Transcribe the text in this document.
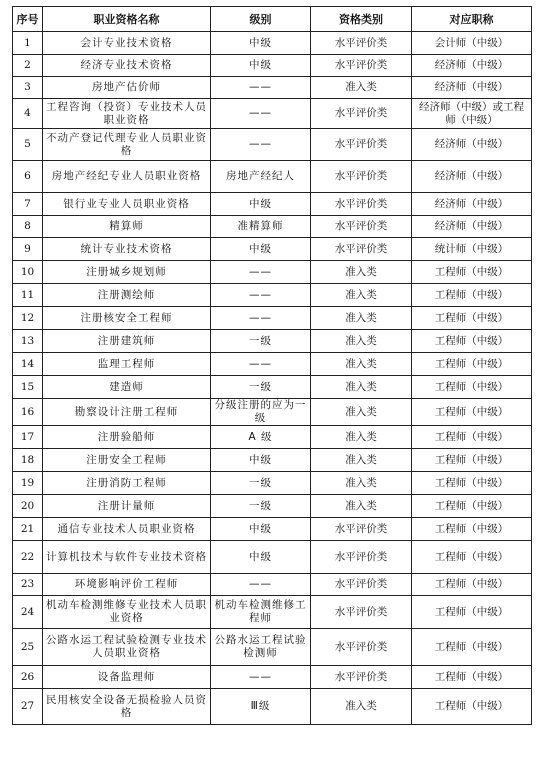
序号	职业资格名称	级别	资格类别	对应职称
1	会计专业技术资格	中级	水平评价类	会计师（中级）
2	经济专业技术资格	中级	水平评价类	经济师（中级）
3	房地产估价师	——	准入类	经济师（中级）
4	工程咨询（投资）专业技术人员职业资格	——	水平评价类	经济师（中级）或工程师（中级）
5	不动产登记代理专业人员职业资格	——	水平评价类	经济师（中级）
6	房地产经纪专业人员职业资格	房地产经纪人	水平评价类	经济师（中级）
7	银行业专业人员职业资格	中级	水平评价类	经济师（中级）
8	精算师	准精算师	水平评价类	经济师（中级）
9	统计专业技术资格	中级	水平评价类	统计师（中级）
10	注册城乡规划师	——	准入类	工程师（中级）
11	注册测绘师	——	准入类	工程师（中级）
12	注册核安全工程师	——	准入类	工程师（中级）
13	注册建筑师	一级	准入类	工程师（中级）
14	监理工程师	——	准入类	工程师（中级）
15	建造师	一级	准入类	工程师（中级）
16	勘察设计注册工程师	分级注册的应为一级	准入类	工程师（中级）
17	注册验船师	A 级	准入类	工程师（中级）
18	注册安全工程师	中级	准入类	工程师（中级）
19	注册消防工程师	一级	准入类	工程师（中级）
20	注册计量师	一级	准入类	工程师（中级）
21	通信专业技术人员职业资格	中级	水平评价类	工程师（中级）
22	计算机技术与软件专业技术资格	中级	水平评价类	工程师（中级）
23	环境影响评价工程师	——	水平评价类	工程师（中级）
24	机动车检测维修专业技术人员职业资格	机动车检测维修工程师	水平评价类	工程师（中级）
25	公路水运工程试验检测专业技术人员职业资格	公路水运工程试验检测师	水平评价类	工程师（中级）
26	设备监理师	——	水平评价类	工程师（中级）
27	民用核安全设备无损检验人员资格	Ⅲ级	准入类	工程师（中级）
